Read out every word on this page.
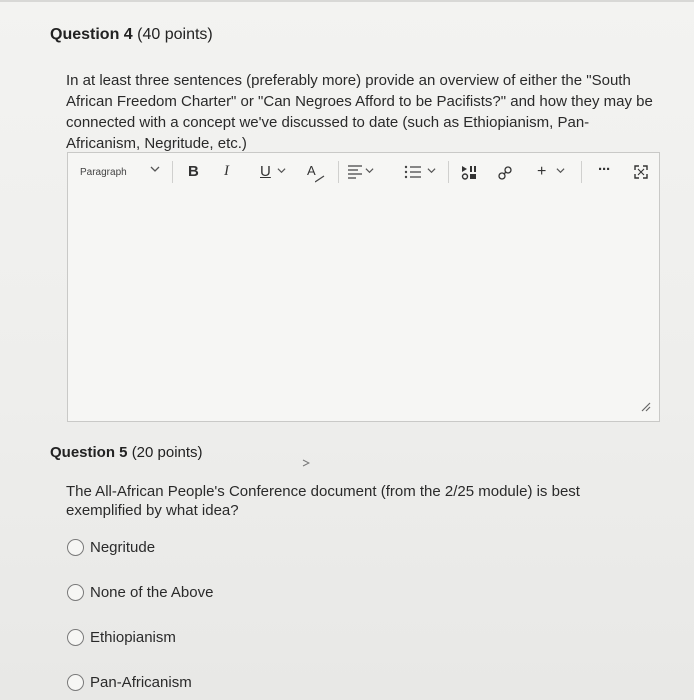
Question 4 (40 points)
In at least three sentences (preferably more) provide an overview of either the "South African Freedom Charter" or "Can Negroes Afford to be Pacifists?" and how they may be connected with a concept we've discussed to date (such as Ethiopianism, Pan-Africanism, Negritude, etc.)
Paragraph	B I U	A	+	···
Question 5 (20 points)
The All-African People's Conference document (from the 2/25 module) is best exemplified by what idea?
Negritude
None of the Above
Ethiopianism
Pan-Africanism
